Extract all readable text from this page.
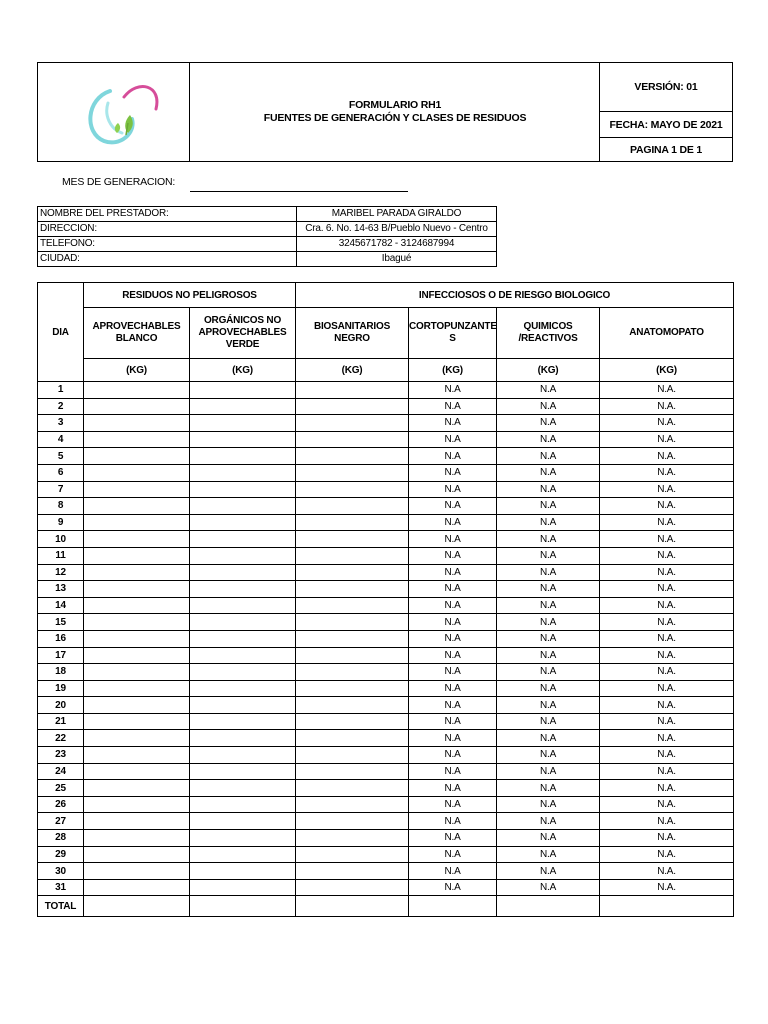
FORMULARIO RH1
FUENTES DE GENERACIÓN Y CLASES DE RESIDUOS
VERSIÓN: 01
FECHA: MAYO DE 2021
PAGINA 1 DE 1
MES DE GENERACION:
NOMBRE DEL PRESTADOR:	MARIBEL PARADA GIRALDO
DIRECCION:	Cra. 6. No. 14-63 B/Pueblo Nuevo - Centro
TELEFONO:	3245671782 - 3124687994
CIUDAD:	Ibagué
DIA	RESIDUOS NO PELIGROSOS		INFECCIOSOS O DE RIESGO BIOLOGICO			
	APROVECHABLES BLANCO	ORGÁNICOS NO APROVECHABLES VERDE	BIOSANITARIOS NEGRO	CORTOPUNZANTE S	QUIMICOS /REACTIVOS	ANATOMOPATO
	(KG)	(KG)	(KG)	(KG)	(KG)	(KG)
1				N.A	N.A	N.A.
2				N.A	N.A	N.A.
3				N.A	N.A	N.A.
4				N.A	N.A	N.A.
5				N.A	N.A	N.A.
6				N.A	N.A	N.A.
7				N.A	N.A	N.A.
8				N.A	N.A	N.A.
9				N.A	N.A	N.A.
10				N.A	N.A	N.A.
11				N.A	N.A	N.A.
12				N.A	N.A	N.A.
13				N.A	N.A	N.A.
14				N.A	N.A	N.A.
15				N.A	N.A	N.A.
16				N.A	N.A	N.A.
17				N.A	N.A	N.A.
18				N.A	N.A	N.A.
19				N.A	N.A	N.A.
20				N.A	N.A	N.A.
21				N.A	N.A	N.A.
22				N.A	N.A	N.A.
23				N.A	N.A	N.A.
24				N.A	N.A	N.A.
25				N.A	N.A	N.A.
26				N.A	N.A	N.A.
27				N.A	N.A	N.A.
28				N.A	N.A	N.A.
29				N.A	N.A	N.A.
30				N.A	N.A	N.A.
31				N.A	N.A	N.A.
TOTAL						
